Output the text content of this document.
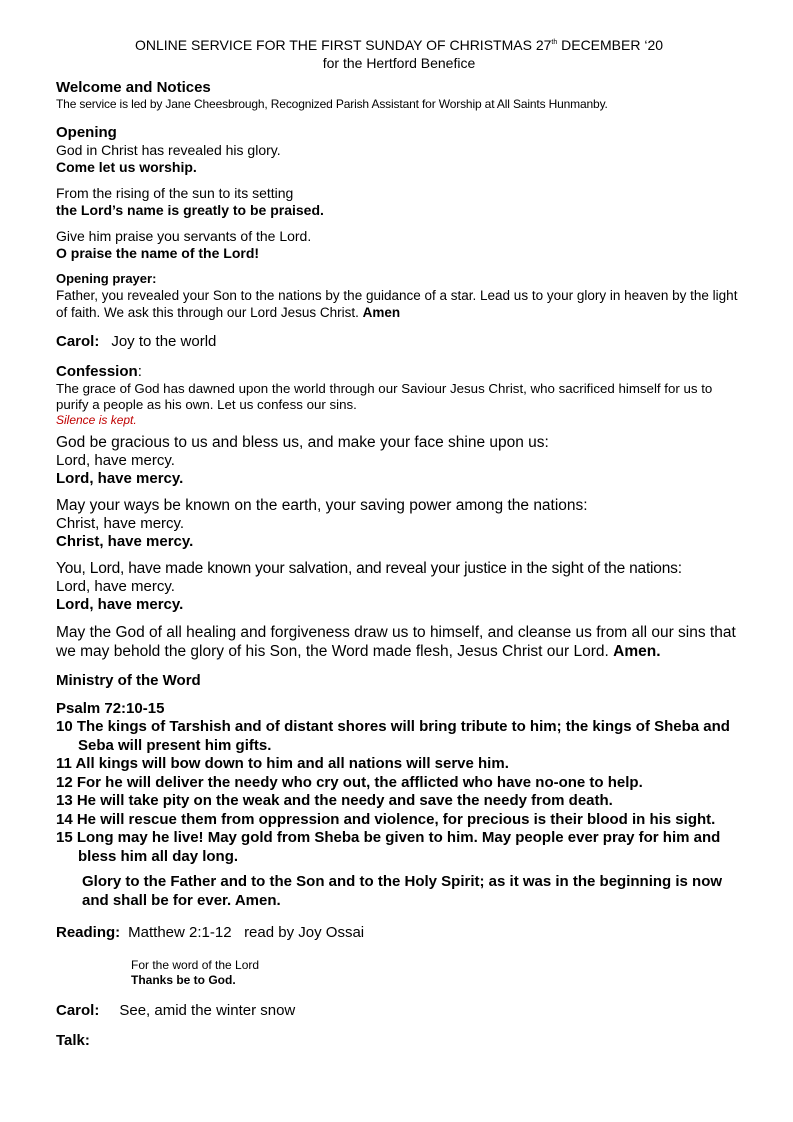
ONLINE SERVICE FOR THE FIRST SUNDAY OF CHRISTMAS 27th DECEMBER ‘20
for the Hertford Benefice
Welcome and Notices
The service is led by Jane Cheesbrough, Recognized Parish Assistant for Worship at All Saints Hunmanby.
Opening
God in Christ has revealed his glory.
Come let us worship.
From the rising of the sun to its setting
the Lord’s name is greatly to be praised.
Give him praise you servants of the Lord.
O praise the name of the Lord!
Opening prayer:
Father, you revealed your Son to the nations by the guidance of a star. Lead us to your glory in heaven by the light of faith. We ask this through our Lord Jesus Christ. Amen
Carol: Joy to the world
Confession:
The grace of God has dawned upon the world through our Saviour Jesus Christ, who sacrificed himself for us to purify a people as his own. Let us confess our sins.
Silence is kept.
God be gracious to us and bless us, and make your face shine upon us:
Lord, have mercy.
Lord, have mercy.
May your ways be known on the earth, your saving power among the nations:
Christ, have mercy.
Christ, have mercy.
You, Lord, have made known your salvation, and reveal your justice in the sight of the nations:
Lord, have mercy.
Lord, have mercy.
May the God of all healing and forgiveness draw us to himself, and cleanse us from all our sins that we may behold the glory of his Son, the Word made flesh, Jesus Christ our Lord. Amen.
Ministry of the Word
Psalm 72:10-15
10 The kings of Tarshish and of distant shores will bring tribute to him; the kings of Sheba and Seba will present him gifts.
11 All kings will bow down to him and all nations will serve him.
12 For he will deliver the needy who cry out, the afflicted who have no-one to help.
13 He will take pity on the weak and the needy and save the needy from death.
14 He will rescue them from oppression and violence, for precious is their blood in his sight.
15 Long may he live! May gold from Sheba be given to him. May people ever pray for him and bless him all day long.
Glory to the Father and to the Son and to the Holy Spirit; as it was in the beginning is now and shall be for ever. Amen.
Reading: Matthew 2:1-12   read by Joy Ossai
For the word of the Lord
Thanks be to God.
Carol: See, amid the winter snow
Talk:
